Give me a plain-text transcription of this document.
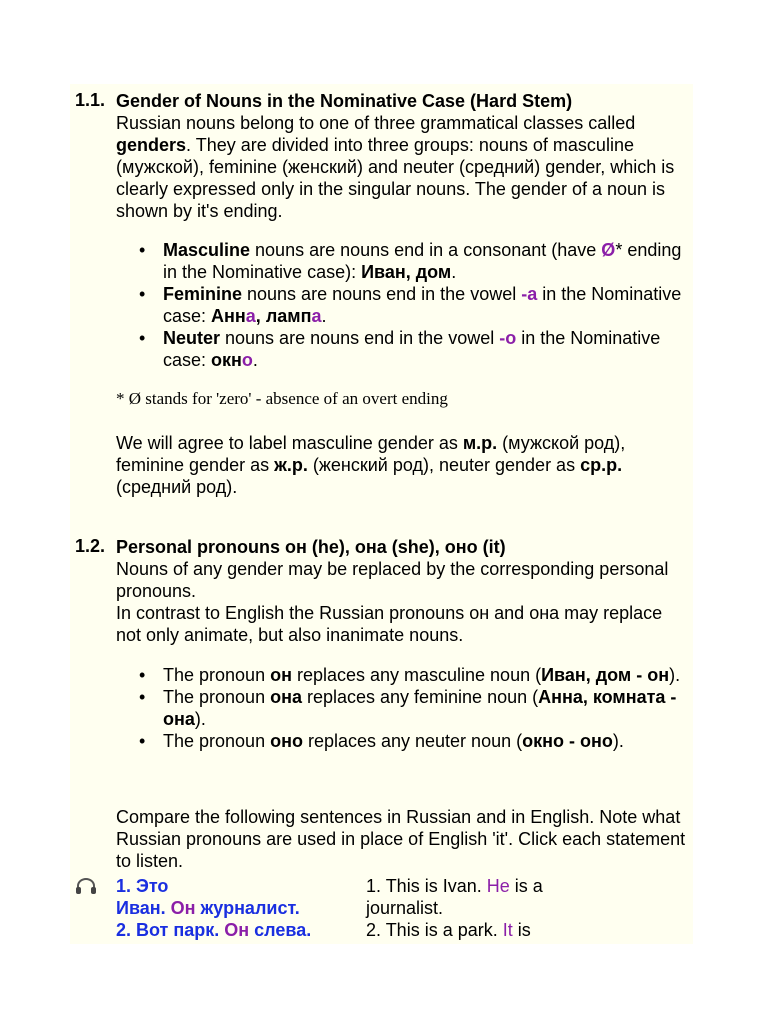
1.1. Gender of Nouns in the Nominative Case (Hard Stem)
Russian nouns belong to one of three grammatical classes called genders. They are divided into three groups: nouns of masculine (мужской), feminine (женский) and neuter (средний) gender, which is clearly expressed only in the singular nouns. The gender of a noun is shown by it's ending.
• Masculine nouns are nouns end in a consonant (have Ø* ending in the Nominative case): Иван, дом.
• Feminine nouns are nouns end in the vowel -а in the Nominative case: Анна, лампа.
• Neuter nouns are nouns end in the vowel -о in the Nominative case: окно.
* Ø stands for 'zero' - absence of an overt ending
We will agree to label masculine gender as м.р. (мужской род), feminine gender as ж.р. (женский род), neuter gender as ср.р. (средний род).
1.2. Personal pronouns он (he), она (she), оно (it)
Nouns of any gender may be replaced by the corresponding personal pronouns.
In contrast to English the Russian pronouns он and она may replace not only animate, but also inanimate nouns.
• The pronoun он replaces any masculine noun (Иван, дом - он).
• The pronoun она replaces any feminine noun (Анна, комната - она).
• The pronoun оно replaces any neuter noun (окно - оно).
Compare the following sentences in Russian and in English. Note what Russian pronouns are used in place of English 'it'. Click each statement to listen.
1. Это
Иван. Он журналист.
2. Вот парк. Он слева.
1. This is Ivan. He is a
journalist.
2. This is a park. It is
